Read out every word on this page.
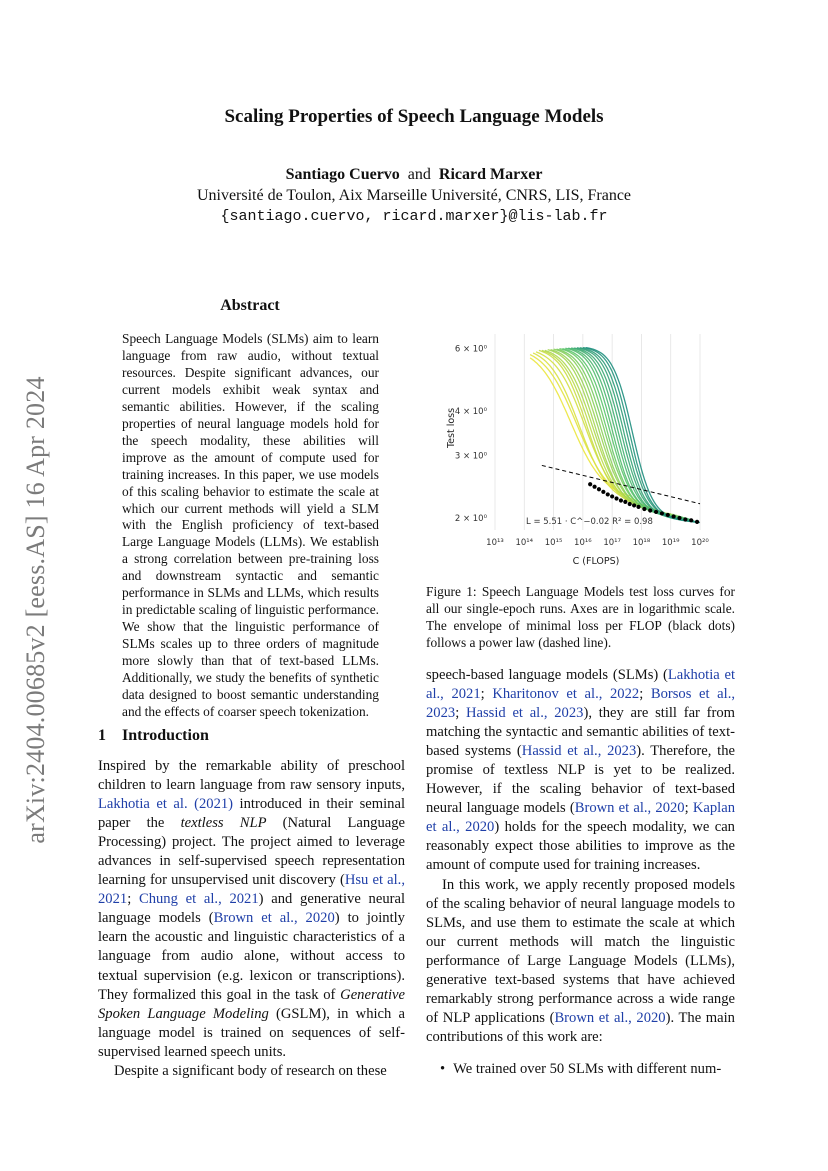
arXiv:2404.00685v2 [eess.AS] 16 Apr 2024
Scaling Properties of Speech Language Models
Santiago Cuervo and Ricard Marxer
Université de Toulon, Aix Marseille Université, CNRS, LIS, France
{santiago.cuervo, ricard.marxer}@lis-lab.fr
Abstract
Speech Language Models (SLMs) aim to learn language from raw audio, without textual resources. Despite significant advances, our current models exhibit weak syntax and semantic abilities. However, if the scaling properties of neural language models hold for the speech modality, these abilities will improve as the amount of compute used for training increases. In this paper, we use models of this scaling behavior to estimate the scale at which our current methods will yield a SLM with the English proficiency of text-based Large Language Models (LLMs). We establish a strong correlation between pre-training loss and downstream syntactic and semantic performance in SLMs and LLMs, which results in predictable scaling of linguistic performance. We show that the linguistic performance of SLMs scales up to three orders of magnitude more slowly than that of text-based LLMs. Additionally, we study the benefits of synthetic data designed to boost semantic understanding and the effects of coarser speech tokenization.
1 Introduction

Inspired by the remarkable ability of preschool children to learn language from raw sensory inputs, Lakhotia et al. (2021) introduced in their seminal paper the textless NLP (Natural Language Processing) project. The project aimed to leverage advances in self-supervised speech representation learning for unsupervised unit discovery (Hsu et al., 2021; Chung et al., 2021) and generative neural language models (Brown et al., 2020) to jointly learn the acoustic and linguistic characteristics of a language from audio alone, without access to textual supervision (e.g. lexicon or transcriptions). They formalized this goal in the task of Generative Spoken Language Modeling (GSLM), in which a language model is trained on sequences of self-supervised learned speech units.

Despite a significant body of research on these

10¹³ 10¹⁴ 10¹⁵ 10¹⁶ 10¹⁷ 10¹⁸ 10¹⁹ 10²⁰
2 × 10⁰
3 × 10⁰
4 × 10⁰
6 × 10⁰
L = 5.51 · C^−0.02 R² = 0.98
C (FLOPS)
Test loss
Figure 1: Speech Language Models test loss curves for all our single-epoch runs. Axes are in logarithmic scale. The envelope of minimal loss per FLOP (black dots) follows a power law (dashed line).

speech-based language models (SLMs) (Lakhotia et al., 2021; Kharitonov et al., 2022; Borsos et al., 2023; Hassid et al., 2023), they are still far from matching the syntactic and semantic abilities of text-based systems (Hassid et al., 2023). Therefore, the promise of textless NLP is yet to be realized. However, if the scaling behavior of text-based neural language models (Brown et al., 2020; Kaplan et al., 2020) holds for the speech modality, we can reasonably expect those abilities to improve as the amount of compute used for training increases.

In this work, we apply recently proposed models of the scaling behavior of neural language models to SLMs, and use them to estimate the scale at which our current methods will match the linguistic performance of Large Language Models (LLMs), generative text-based systems that have achieved remarkably strong performance across a wide range of NLP applications (Brown et al., 2020). The main contributions of this work are:

• We trained over 50 SLMs with different num-
